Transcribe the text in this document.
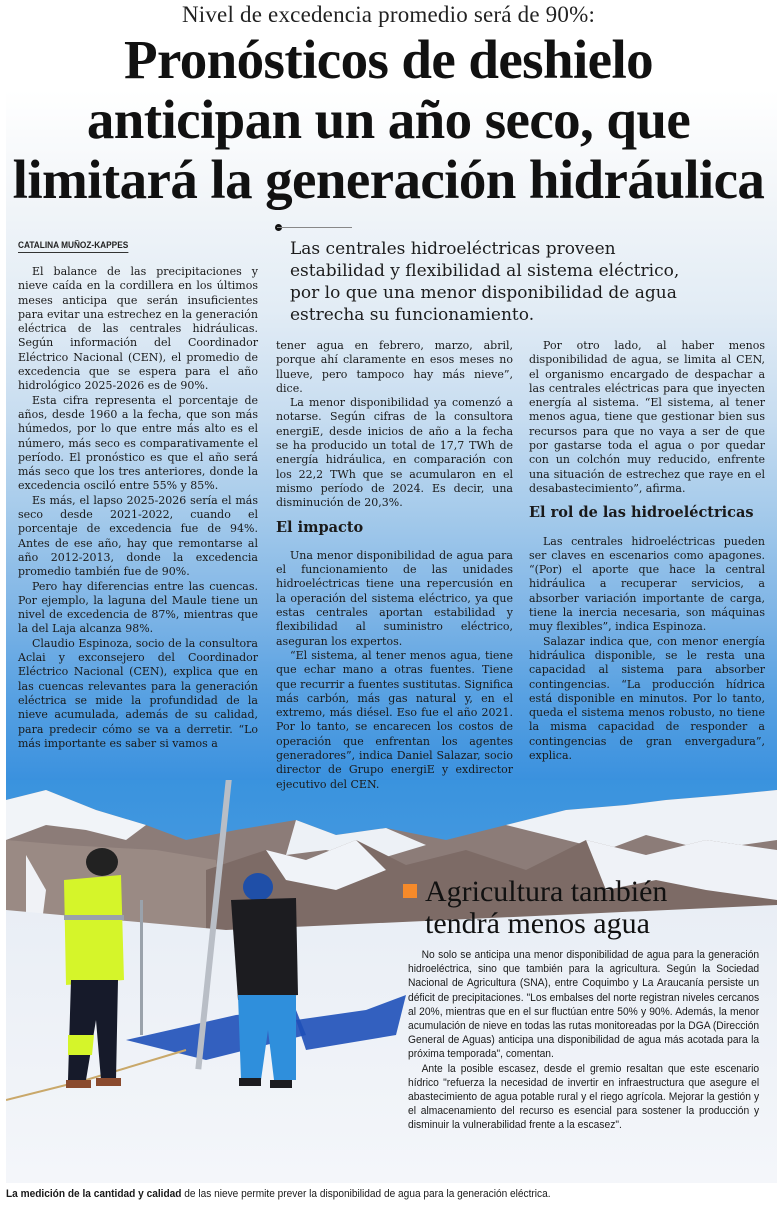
Nivel de excedencia promedio será de 90%:
Pronósticos de deshielo
anticipan un año seco, que
limitará la generación hidráulica
CATALINA MUÑOZ-KAPPES	Las centrales hidroeléctricas proveen
estabilidad y flexibilidad al sistema eléctrico,
por lo que una menor disponibilidad de agua
estrecha su funcionamiento.

El balance de las precipitaciones y nieve caída en la cordillera en los últimos meses anticipa que serán insuficientes para evitar una estrechez en la generación eléctrica de las centrales hidráulicas. Según información del Coordinador Eléctrico Nacional (CEN), el promedio de excedencia que se espera para el año hidrológico 2025-2026 es de 90%.

Esta cifra representa el porcentaje de años, desde 1960 a la fecha, que son más húmedos, por lo que entre más alto es el número, más seco es comparativamente el período. El pronóstico es que el año será más seco que los tres anteriores, donde la excedencia osciló entre 55% y 85%.

Es más, el lapso 2025-2026 sería el más seco desde 2021-2022, cuando el porcentaje de excedencia fue de 94%. Antes de ese año, hay que remontarse al año 2012-2013, donde la excedencia promedio también fue de 90%.

Pero hay diferencias entre las cuencas. Por ejemplo, la laguna del Maule tiene un nivel de excedencia de 87%, mientras que la del Laja alcanza 98%.

Claudio Espinoza, socio de la consultora Aclai y exconsejero del Coordinador Eléctrico Nacional (CEN), explica que en las cuencas relevantes para la generación eléctrica se mide la profundidad de la nieve acumulada, además de su calidad, para predecir cómo se va a derretir. “Lo más importante es saber si vamos a

tener agua en febrero, marzo, abril, porque ahí claramente en esos meses no llueve, pero tampoco hay más nieve”, dice.

La menor disponibilidad ya comenzó a notarse. Según cifras de la consultora energiE, desde inicios de año a la fecha se ha producido un total de 17,7 TWh de energía hidráulica, en comparación con los 22,2 TWh que se acumularon en el mismo período de 2024. Es decir, una disminución de 20,3%.

El impacto

Una menor disponibilidad de agua para el funcionamiento de las unidades hidroeléctricas tiene una repercusión en la operación del sistema eléctrico, ya que estas centrales aportan estabilidad y flexibilidad al suministro eléctrico, aseguran los expertos.

“El sistema, al tener menos agua, tiene que echar mano a otras fuentes. Tiene que recurrir a fuentes sustitutas. Significa más carbón, más gas natural y, en el extremo, más diésel. Eso fue el año 2021. Por lo tanto, se encarecen los costos de operación que enfrentan los agentes generadores”, indica Daniel Salazar, socio director de Grupo energiE y exdirector ejecutivo del CEN.

Por otro lado, al haber menos disponibilidad de agua, se limita al CEN, el organismo encargado de despachar a las centrales eléctricas para que inyecten energía al sistema. “El sistema, al tener menos agua, tiene que gestionar bien sus recursos para que no vaya a ser de que por gastarse toda el agua o por quedar con un colchón muy reducido, enfrente una situación de estrechez que raye en el desabastecimiento”, afirma.

El rol de las hidroeléctricas

Las centrales hidroeléctricas pueden ser claves en escenarios como apagones. “(Por) el aporte que hace la central hidráulica a recuperar servicios, a absorber variación importante de carga, tiene la inercia necesaria, son máquinas muy flexibles”, indica Espinoza.

Salazar indica que, con menor energía hidráulica disponible, se le resta una capacidad al sistema para absorber contingencias. “La producción hídrica está disponible en minutos. Por lo tanto, queda el sistema menos robusto, no tiene la misma capacidad de responder a contingencias de gran envergadura”, explica.

Agricultura también
tendrá menos agua

No solo se anticipa una menor disponibilidad de agua para la generación hidroeléctrica, sino que también para la agricultura. Según la Sociedad Nacional de Agricultura (SNA), entre Coquimbo y La Araucanía persiste un déficit de precipitaciones. "Los embalses del norte registran niveles cercanos al 20%, mientras que en el sur fluctúan entre 50% y 90%. Además, la menor acumulación de nieve en todas las rutas monitoreadas por la DGA (Dirección General de Aguas) anticipa una disponibilidad de agua más acotada para la próxima temporada", comentan.

Ante la posible escasez, desde el gremio resaltan que este escenario hídrico "refuerza la necesidad de invertir en infraestructura que asegure el abastecimiento de agua potable rural y el riego agrícola. Mejorar la gestión y el almacenamiento del recurso es esencial para sostener la producción y disminuir la vulnerabilidad frente a la escasez".

La medición de la cantidad y calidad de las nieve permite prever la disponibilidad de agua para la generación eléctrica.
